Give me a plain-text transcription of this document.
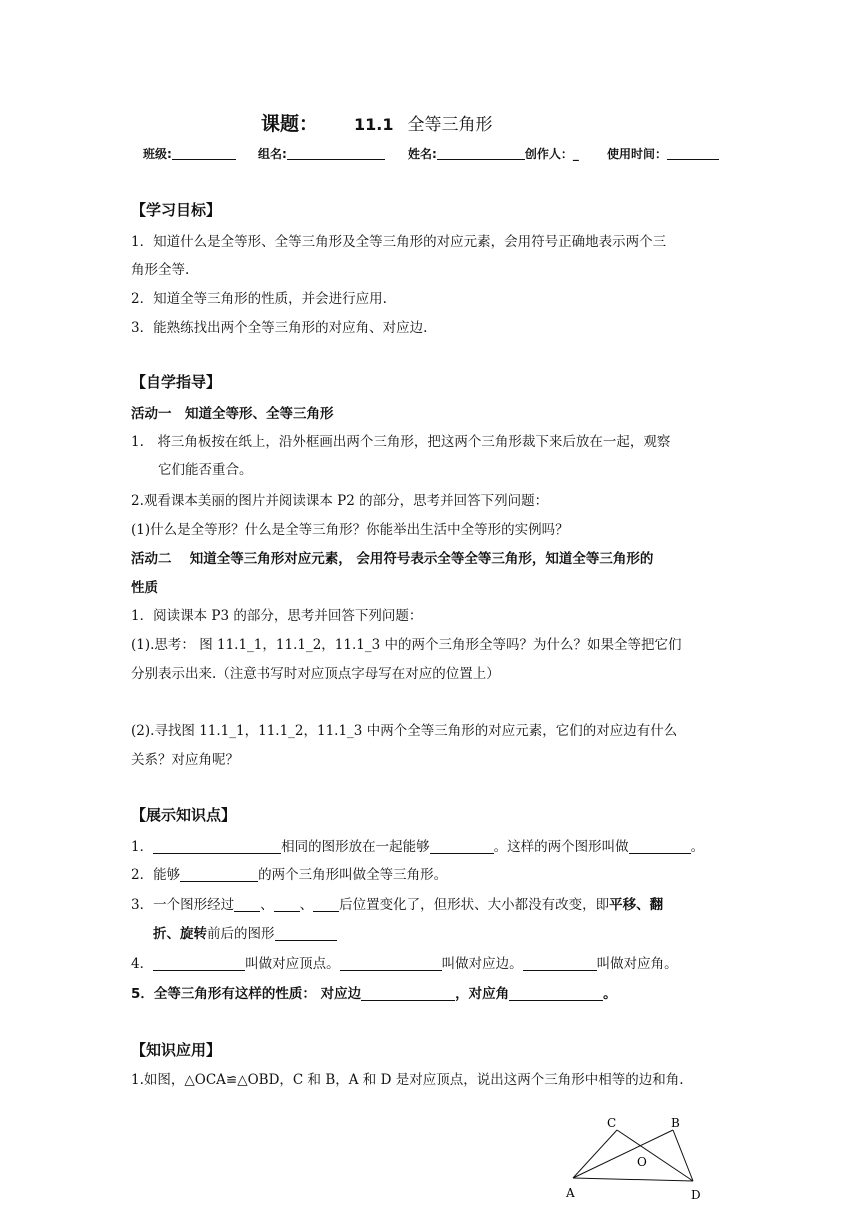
课题： 11.1 全等三角形
班级:	组名:	姓名:	创作人：_ 使用时间：
【学习目标】
1．知道什么是全等形、全等三角形及全等三角形的对应元素，会用符号正确地表示两个三
角形全等.
2．知道全等三角形的性质，并会进行应用.
3．能熟练找出两个全等三角形的对应角、对应边.
【自学指导】
活动一　知道全等形、全等三角形
1.　将三角板按在纸上，沿外框画出两个三角形，把这两个三角形裁下来后放在一起，观察
它们能否重合。
2.观看课本美丽的图片并阅读课本 P2 的部分，思考并回答下列问题：
(1)什么是全等形？什么是全等三角形？你能举出生活中全等形的实例吗？
活动二　 知道全等三角形对应元素， 会用符号表示全等全等三角形，知道全等三角形的
性质
1．阅读课本 P3 的部分，思考并回答下列问题：
(1).思考： 图 11.1_1，11.1_2，11.1_3 中的两个三角形全等吗？为什么？如果全等把它们
分别表示出来.（注意书写时对应顶点字母写在对应的位置上）
(2).寻找图 11.1_1，11.1_2，11.1_3 中两个全等三角形的对应元素，它们的对应边有什么
关系？对应角呢？
【展示知识点】
1．	相同的图形放在一起能够	。这样的两个图形叫做	。
2．能够	的两个三角形叫做全等三角形。
3．一个图形经过 、 、 后位置变化了，但形状、大小都没有改变，即平移、翻
折、旋转前后的图形
4．	叫做对应顶点。	叫做对应边。	叫做对应角。
5．全等三角形有这样的性质： 对应边	，对应角	。
【知识应用】
1.如图，△OCA≌△OBD，C 和 B，A 和 D 是对应顶点，说出这两个三角形中相等的边和角.
C	B
O
A	D
